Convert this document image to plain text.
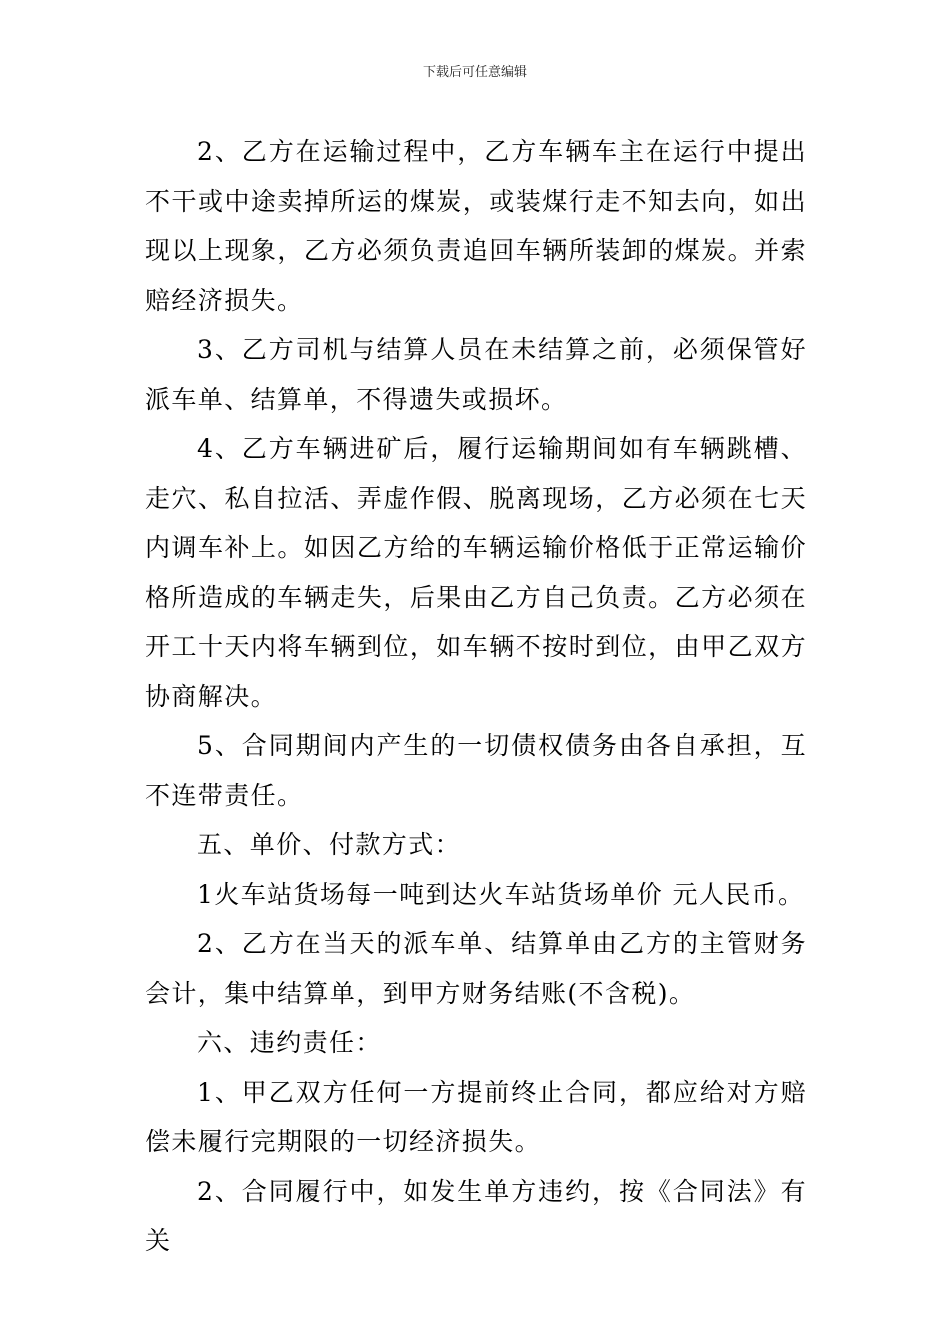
下载后可任意编辑

2、乙方在运输过程中，乙方车辆车主在运行中提出不干或中途卖掉所运的煤炭，或装煤行走不知去向，如出现以上现象，乙方必须负责追回车辆所装卸的煤炭。并索赔经济损失。

3、乙方司机与结算人员在未结算之前，必须保管好派车单、结算单，不得遗失或损坏。

4、乙方车辆进矿后，履行运输期间如有车辆跳槽、走穴、私自拉活、弄虚作假、脱离现场，乙方必须在七天内调车补上。如因乙方给的车辆运输价格低于正常运输价格所造成的车辆走失，后果由乙方自己负责。乙方必须在开工十天内将车辆到位，如车辆不按时到位，由甲乙双方协商解决。

5、合同期间内产生的一切债权债务由各自承担，互不连带责任。

五、单价、付款方式：

1火车站货场每一吨到达火车站货场单价 元人民币。

2、乙方在当天的派车单、结算单由乙方的主管财务会计，集中结算单，到甲方财务结账(不含税)。

六、违约责任：

1、甲乙双方任何一方提前终止合同，都应给对方赔偿未履行完期限的一切经济损失。

2、合同履行中，如发生单方违约，按《合同法》有关
